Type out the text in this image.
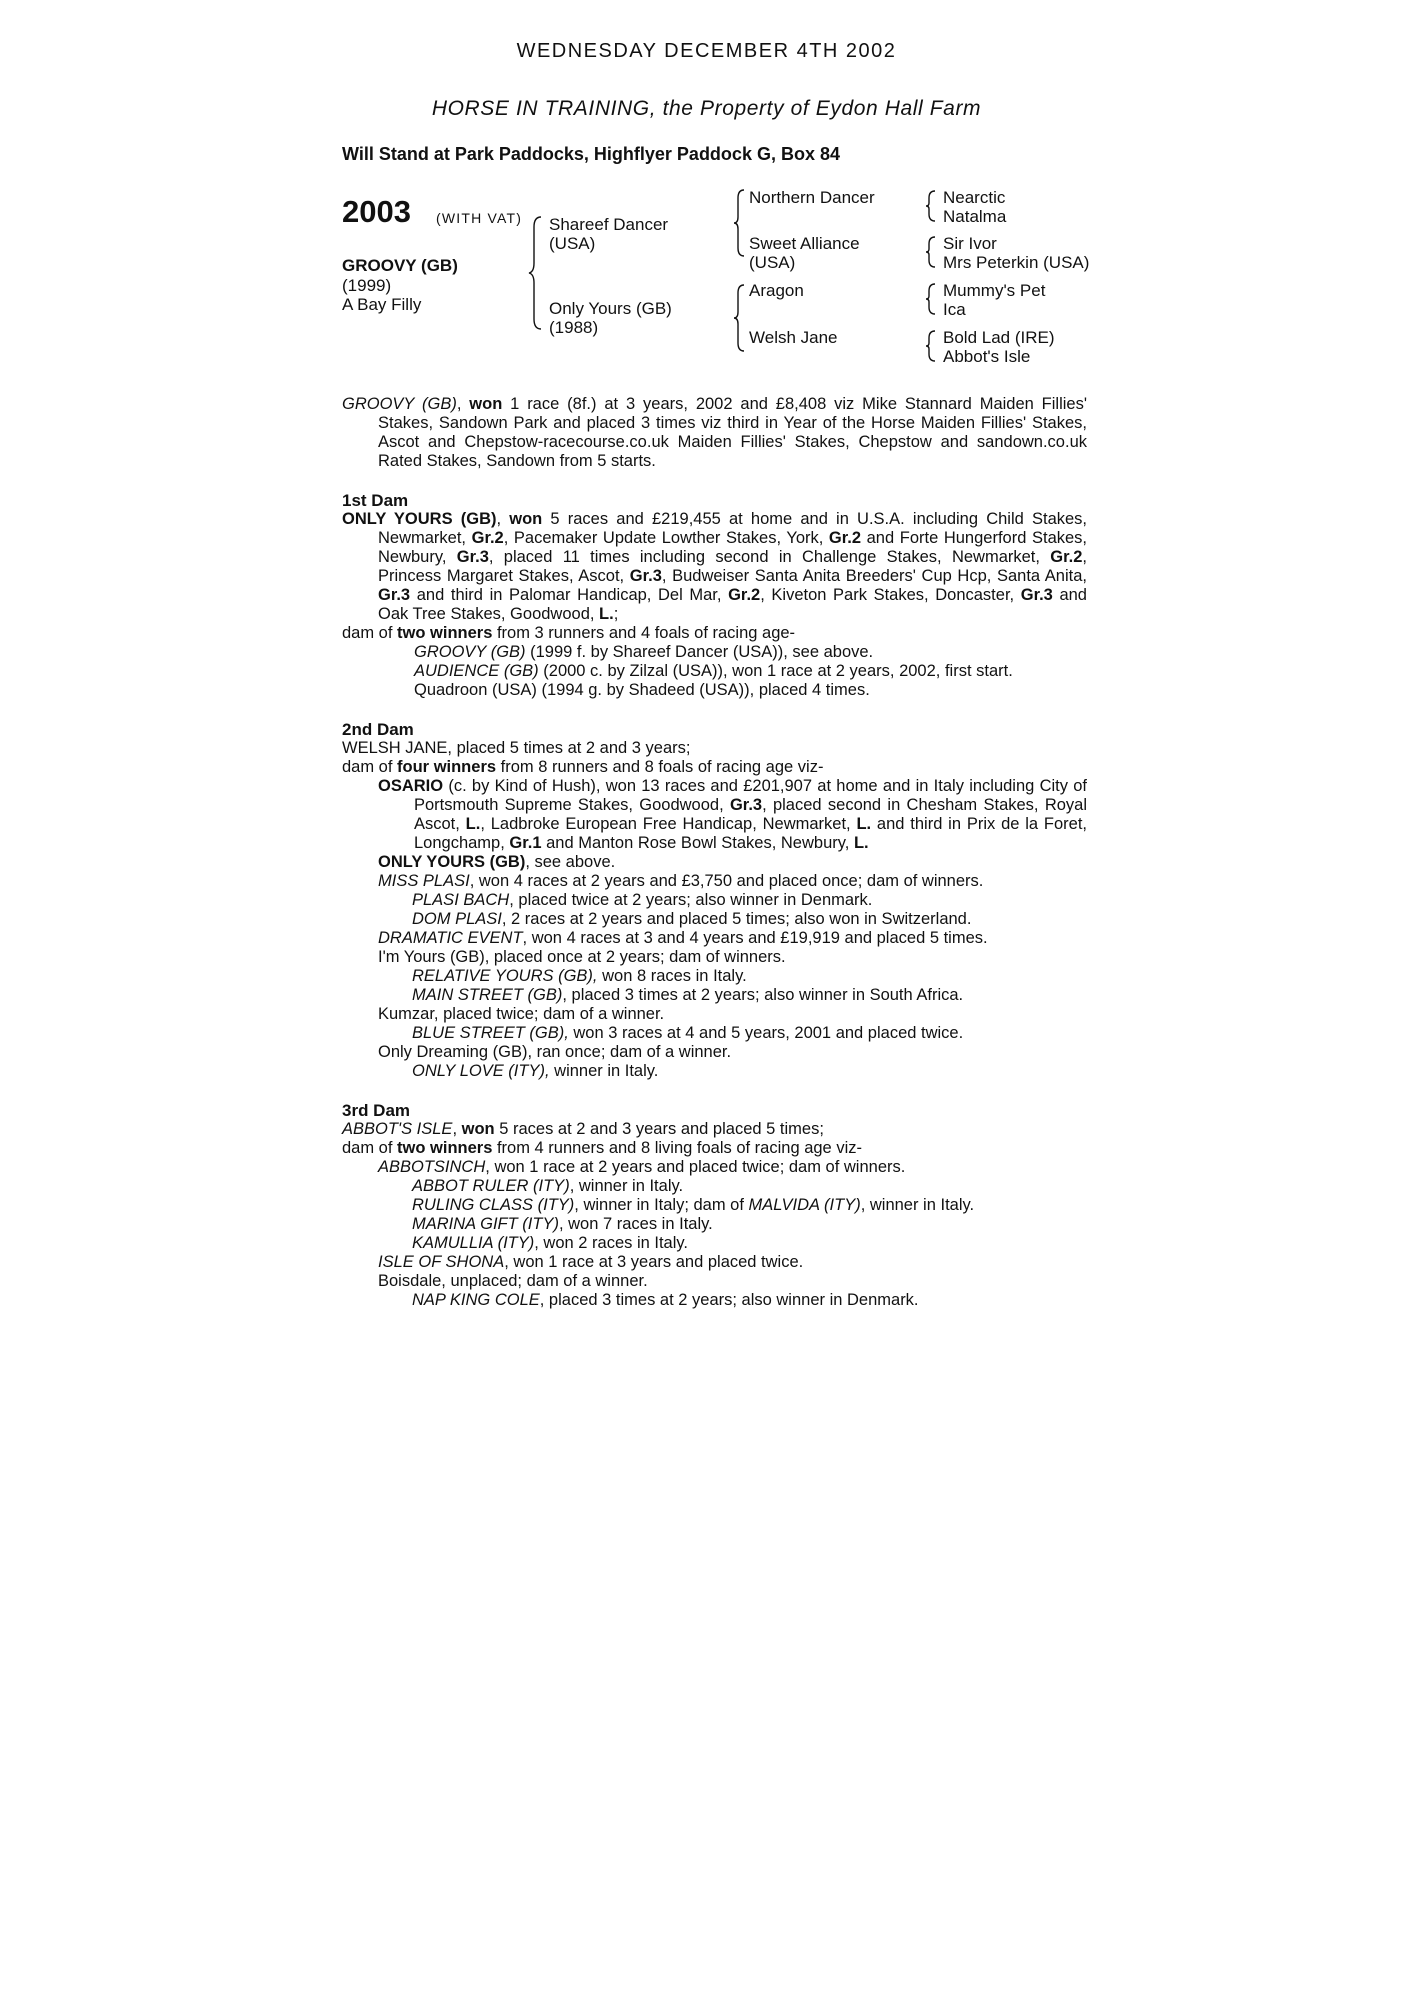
WEDNESDAY DECEMBER 4TH 2002
HORSE IN TRAINING, the Property of Eydon Hall Farm
Will Stand at Park Paddocks, Highflyer Paddock G, Box 84
2003 (WITH VAT)
GROOVY (GB)
(1999)
A Bay Filly
Shareef Dancer
(USA)
Only Yours (GB)
(1988)
Northern Dancer
Sweet Alliance
(USA)
Aragon
Welsh Jane
Nearctic
Natalma
Sir Ivor
Mrs Peterkin (USA)
Mummy's Pet
Ica
Bold Lad (IRE)
Abbot's Isle

GROOVY (GB), won 1 race (8f.) at 3 years, 2002 and £8,408 viz Mike Stannard Maiden Fillies' Stakes, Sandown Park and placed 3 times viz third in Year of the Horse Maiden Fillies' Stakes, Ascot and Chepstow-racecourse.co.uk Maiden Fillies' Stakes, Chepstow and sandown.co.uk Rated Stakes, Sandown from 5 starts.

1st Dam

ONLY YOURS (GB), won 5 races and £219,455 at home and in U.S.A. including Child Stakes, Newmarket, Gr.2, Pacemaker Update Lowther Stakes, York, Gr.2 and Forte Hungerford Stakes, Newbury, Gr.3, placed 11 times including second in Challenge Stakes, Newmarket, Gr.2, Princess Margaret Stakes, Ascot, Gr.3, Budweiser Santa Anita Breeders' Cup Hcp, Santa Anita, Gr.3 and third in Palomar Handicap, Del Mar, Gr.2, Kiveton Park Stakes, Doncaster, Gr.3 and Oak Tree Stakes, Goodwood, L.;

dam of two winners from 3 runners and 4 foals of racing age-

GROOVY (GB) (1999 f. by Shareef Dancer (USA)), see above.

AUDIENCE (GB) (2000 c. by Zilzal (USA)), won 1 race at 2 years, 2002, first start.

Quadroon (USA) (1994 g. by Shadeed (USA)), placed 4 times.

2nd Dam

WELSH JANE, placed 5 times at 2 and 3 years;

dam of four winners from 8 runners and 8 foals of racing age viz-

OSARIO (c. by Kind of Hush), won 13 races and £201,907 at home and in Italy including City of Portsmouth Supreme Stakes, Goodwood, Gr.3, placed second in Chesham Stakes, Royal Ascot, L., Ladbroke European Free Handicap, Newmarket, L. and third in Prix de la Foret, Longchamp, Gr.1 and Manton Rose Bowl Stakes, Newbury, L.

ONLY YOURS (GB), see above.

MISS PLASI, won 4 races at 2 years and £3,750 and placed once; dam of winners.

PLASI BACH, placed twice at 2 years; also winner in Denmark.

DOM PLASI, 2 races at 2 years and placed 5 times; also won in Switzerland.

DRAMATIC EVENT, won 4 races at 3 and 4 years and £19,919 and placed 5 times.

I'm Yours (GB), placed once at 2 years; dam of winners.

RELATIVE YOURS (GB), won 8 races in Italy.

MAIN STREET (GB), placed 3 times at 2 years; also winner in South Africa.

Kumzar, placed twice; dam of a winner.

BLUE STREET (GB), won 3 races at 4 and 5 years, 2001 and placed twice.

Only Dreaming (GB), ran once; dam of a winner.

ONLY LOVE (ITY), winner in Italy.

3rd Dam

ABBOT'S ISLE, won 5 races at 2 and 3 years and placed 5 times;

dam of two winners from 4 runners and 8 living foals of racing age viz-

ABBOTSINCH, won 1 race at 2 years and placed twice; dam of winners.

ABBOT RULER (ITY), winner in Italy.

RULING CLASS (ITY), winner in Italy; dam of MALVIDA (ITY), winner in Italy.

MARINA GIFT (ITY), won 7 races in Italy.

KAMULLIA (ITY), won 2 races in Italy.

ISLE OF SHONA, won 1 race at 3 years and placed twice.

Boisdale, unplaced; dam of a winner.

NAP KING COLE, placed 3 times at 2 years; also winner in Denmark.
